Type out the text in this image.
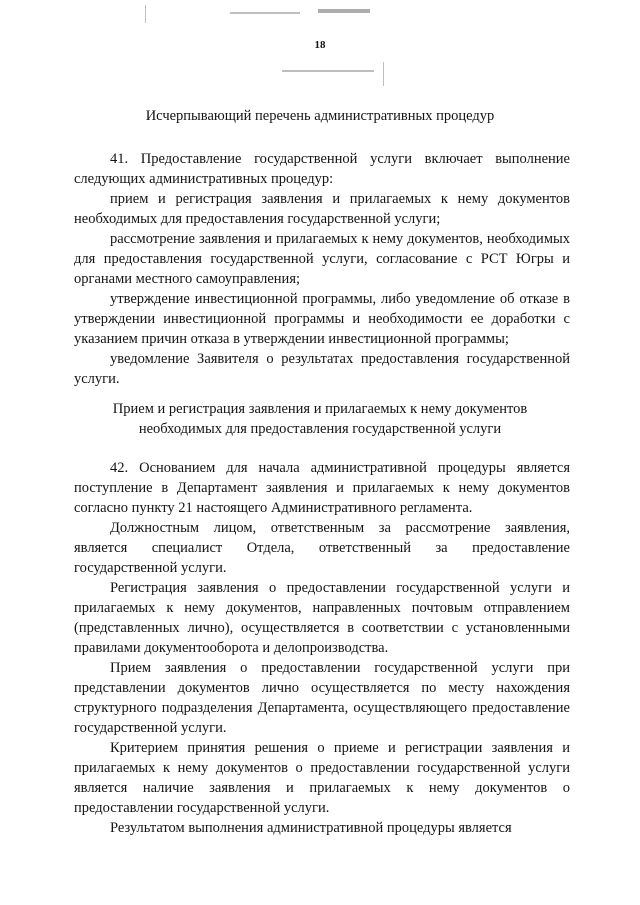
18
Исчерпывающий перечень административных процедур

41. Предоставление государственной услуги включает выполнение следующих административных процедур:

прием и регистрация заявления и прилагаемых к нему документов необходимых для предоставления государственной услуги;

рассмотрение заявления и прилагаемых к нему документов, необходимых для предоставления государственной услуги, согласование с РСТ Югры и органами местного самоуправления;

утверждение инвестиционной программы, либо уведомление об отказе в утверждении инвестиционной программы и необходимости ее доработки с указанием причин отказа в утверждении инвестиционной программы;

уведомление Заявителя о результатах предоставления государственной услуги.

Прием и регистрация заявления и прилагаемых к нему документов
необходимых для предоставления государственной услуги

42. Основанием для начала административной процедуры является поступление в Департамент заявления и прилагаемых к нему документов согласно пункту 21 настоящего Административного регламента.

Должностным лицом, ответственным за рассмотрение заявления, является специалист Отдела, ответственный за предоставление государственной услуги.

Регистрация заявления о предоставлении государственной услуги и прилагаемых к нему документов, направленных почтовым отправлением (представленных лично), осуществляется в соответствии с установленными правилами документооборота и делопроизводства.

Прием заявления о предоставлении государственной услуги при представлении документов лично осуществляется по месту нахождения структурного подразделения Департамента, осуществляющего предоставление государственной услуги.

Критерием принятия решения о приеме и регистрации заявления и прилагаемых к нему документов о предоставлении государственной услуги является наличие заявления и прилагаемых к нему документов о предоставлении государственной услуги.

Результатом выполнения административной процедуры является
